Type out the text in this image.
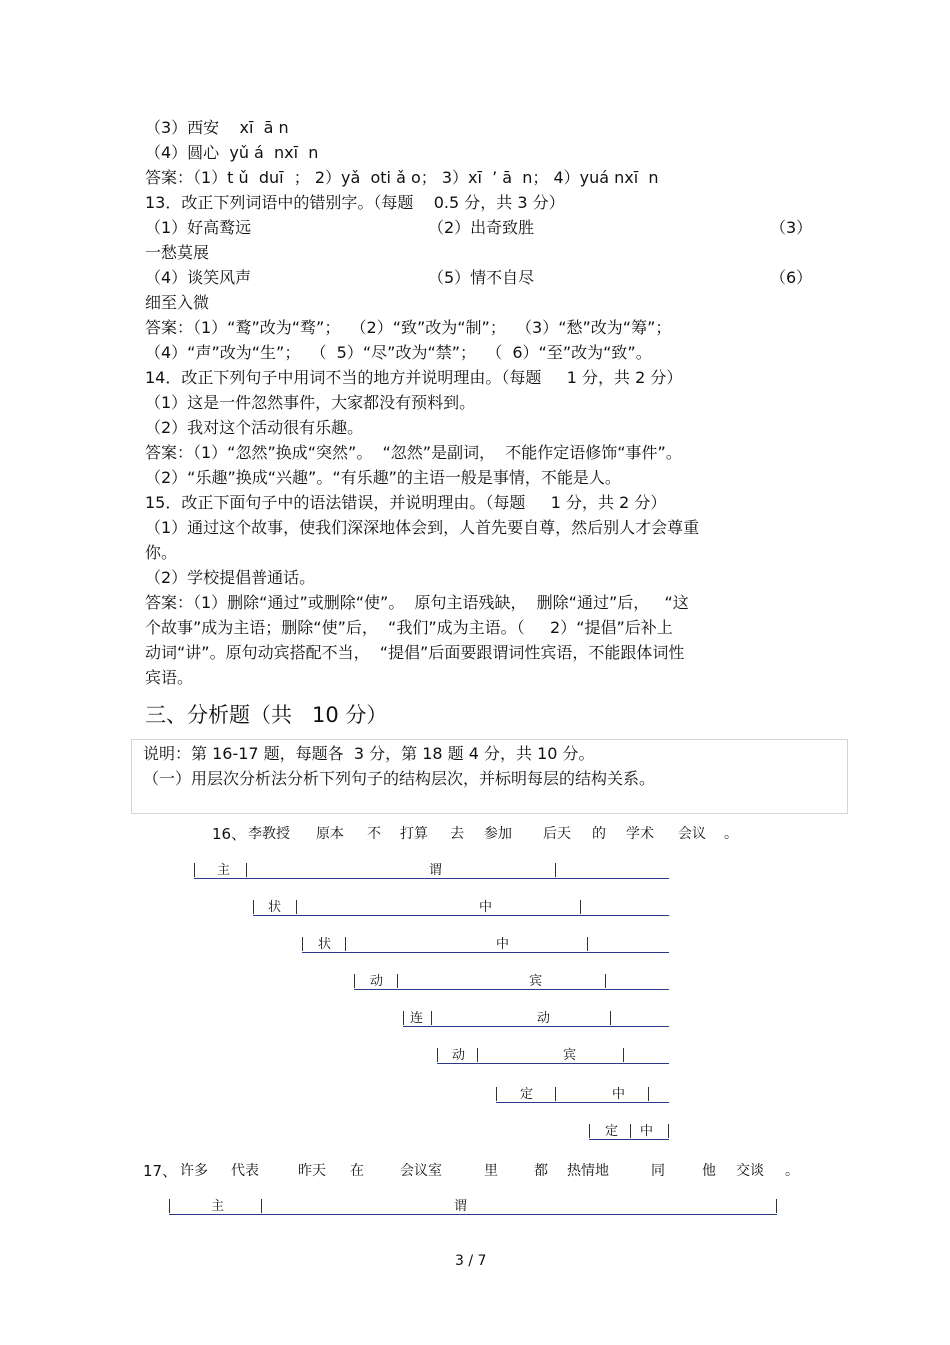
（3）西安    xī  ā n
（4）圆心  yǔ á  nxī  n
答案：（1）t ǔ  duī  ； 2）yǎ  oti ǎ o； 3）xī  ’ ā  n； 4）yuá nxī  n
13．改正下列词语中的错别字。（每题    0.5 分，共 3 分）
（1）好高鹜远	（2）出奇致胜	（3）
一愁莫展
（4）谈笑风声	（5）情不自尽	（6）
细至入微
答案：（1）“鹜”改为“骛”；  （2）“致”改为“制”；  （3）“愁”改为“筹”；
（4）“声”改为“生”；  （  5）“尽”改为“禁”；  （  6）“至”改为“致”。
14．改正下列句子中用词不当的地方并说明理由。（每题     1 分，共 2 分）
（1）这是一件忽然事件，大家都没有预料到。
（2）我对这个活动很有乐趣。
答案：（1）“忽然”换成“突然”。  “忽然”是副词，  不能作定语修饰“事件”。
（2）“乐趣”换成“兴趣”。“有乐趣”的主语一般是事情，不能是人。
15．改正下面句子中的语法错误，并说明理由。（每题     1 分，共 2 分）
（1）通过这个故事，使我们深深地体会到，人首先要自尊，然后别人才会尊重
你。
（2）学校提倡普通话。
答案：（1）删除“通过”或删除“使”。  原句主语残缺，  删除“通过”后，   “这
个故事”成为主语；删除“使”后，  “我们”成为主语。（     2）“提倡”后补上
动词“讲”。原句动宾搭配不当，  “提倡”后面要跟谓词性宾语，不能跟体词性
宾语。
三、分析题（共   10 分）
说明：第 16-17 题，每题各  3 分，第 18 题 4 分，共 10 分。
（一）用层次分析法分析下列句子的结构层次，并标明每层的结构关系。
16、 李教授 原本 不 打算 去 参加 后天 的 学术 会议 。
主	谓
状	中
状	中
动	宾
连	动
动	宾
定	中
定 中
17、 许多 代表	昨天 在	会议室	里	都 热情地	同	他 交谈 。
主	谓
3 / 7
